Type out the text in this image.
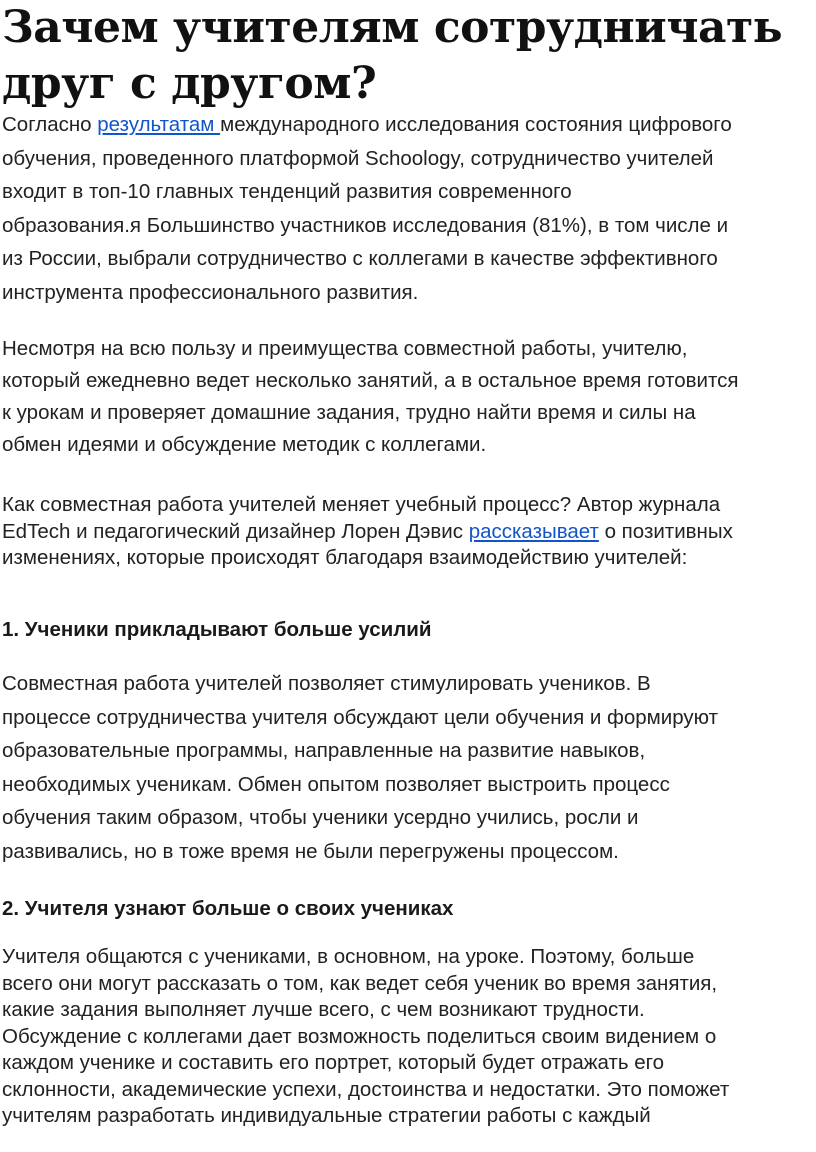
Зачем учителям сотрудничать
друг с другом?

Согласно результатам международного исследования состояния цифрового
обучения, проведенного платформой Schoology, сотрудничество учителей
входит в топ-10 главных тенденций развития современного
образования.я Большинство участников исследования (81%), в том числе и
из России, выбрали сотрудничество с коллегами в качестве эффективного
инструмента профессионального развития.

Несмотря на всю пользу и преимущества совместной работы, учителю,
который ежедневно ведет несколько занятий, а в остальное время готовится
к урокам и проверяет домашние задания, трудно найти время и силы на
обмен идеями и обсуждение методик с коллегами.

Как совместная работа учителей меняет учебный процесс? Автор журнала
EdTech и педагогический дизайнер Лорен Дэвис рассказывает о позитивных
изменениях, которые происходят благодаря взаимодействию учителей:

1. Ученики прикладывают больше усилий

Совместная работа учителей позволяет стимулировать учеников. В
процессе сотрудничества учителя обсуждают цели обучения и формируют
образовательные программы, направленные на развитие навыков,
необходимых ученикам. Обмен опытом позволяет выстроить процесс
обучения таким образом, чтобы ученики усердно учились, росли и
развивались, но в тоже время не были перегружены процессом.

2. Учителя узнают больше о своих учениках

Учителя общаются с учениками, в основном, на уроке. Поэтому, больше
всего они могут рассказать о том, как ведет себя ученик во время занятия,
какие задания выполняет лучше всего, с чем возникают трудности.
Обсуждение с коллегами дает возможность поделиться своим видением о
каждом ученике и составить его портрет, который будет отражать его
склонности, академические успехи, достоинства и недостатки. Это поможет
учителям разработать индивидуальные стратегии работы с каждый
